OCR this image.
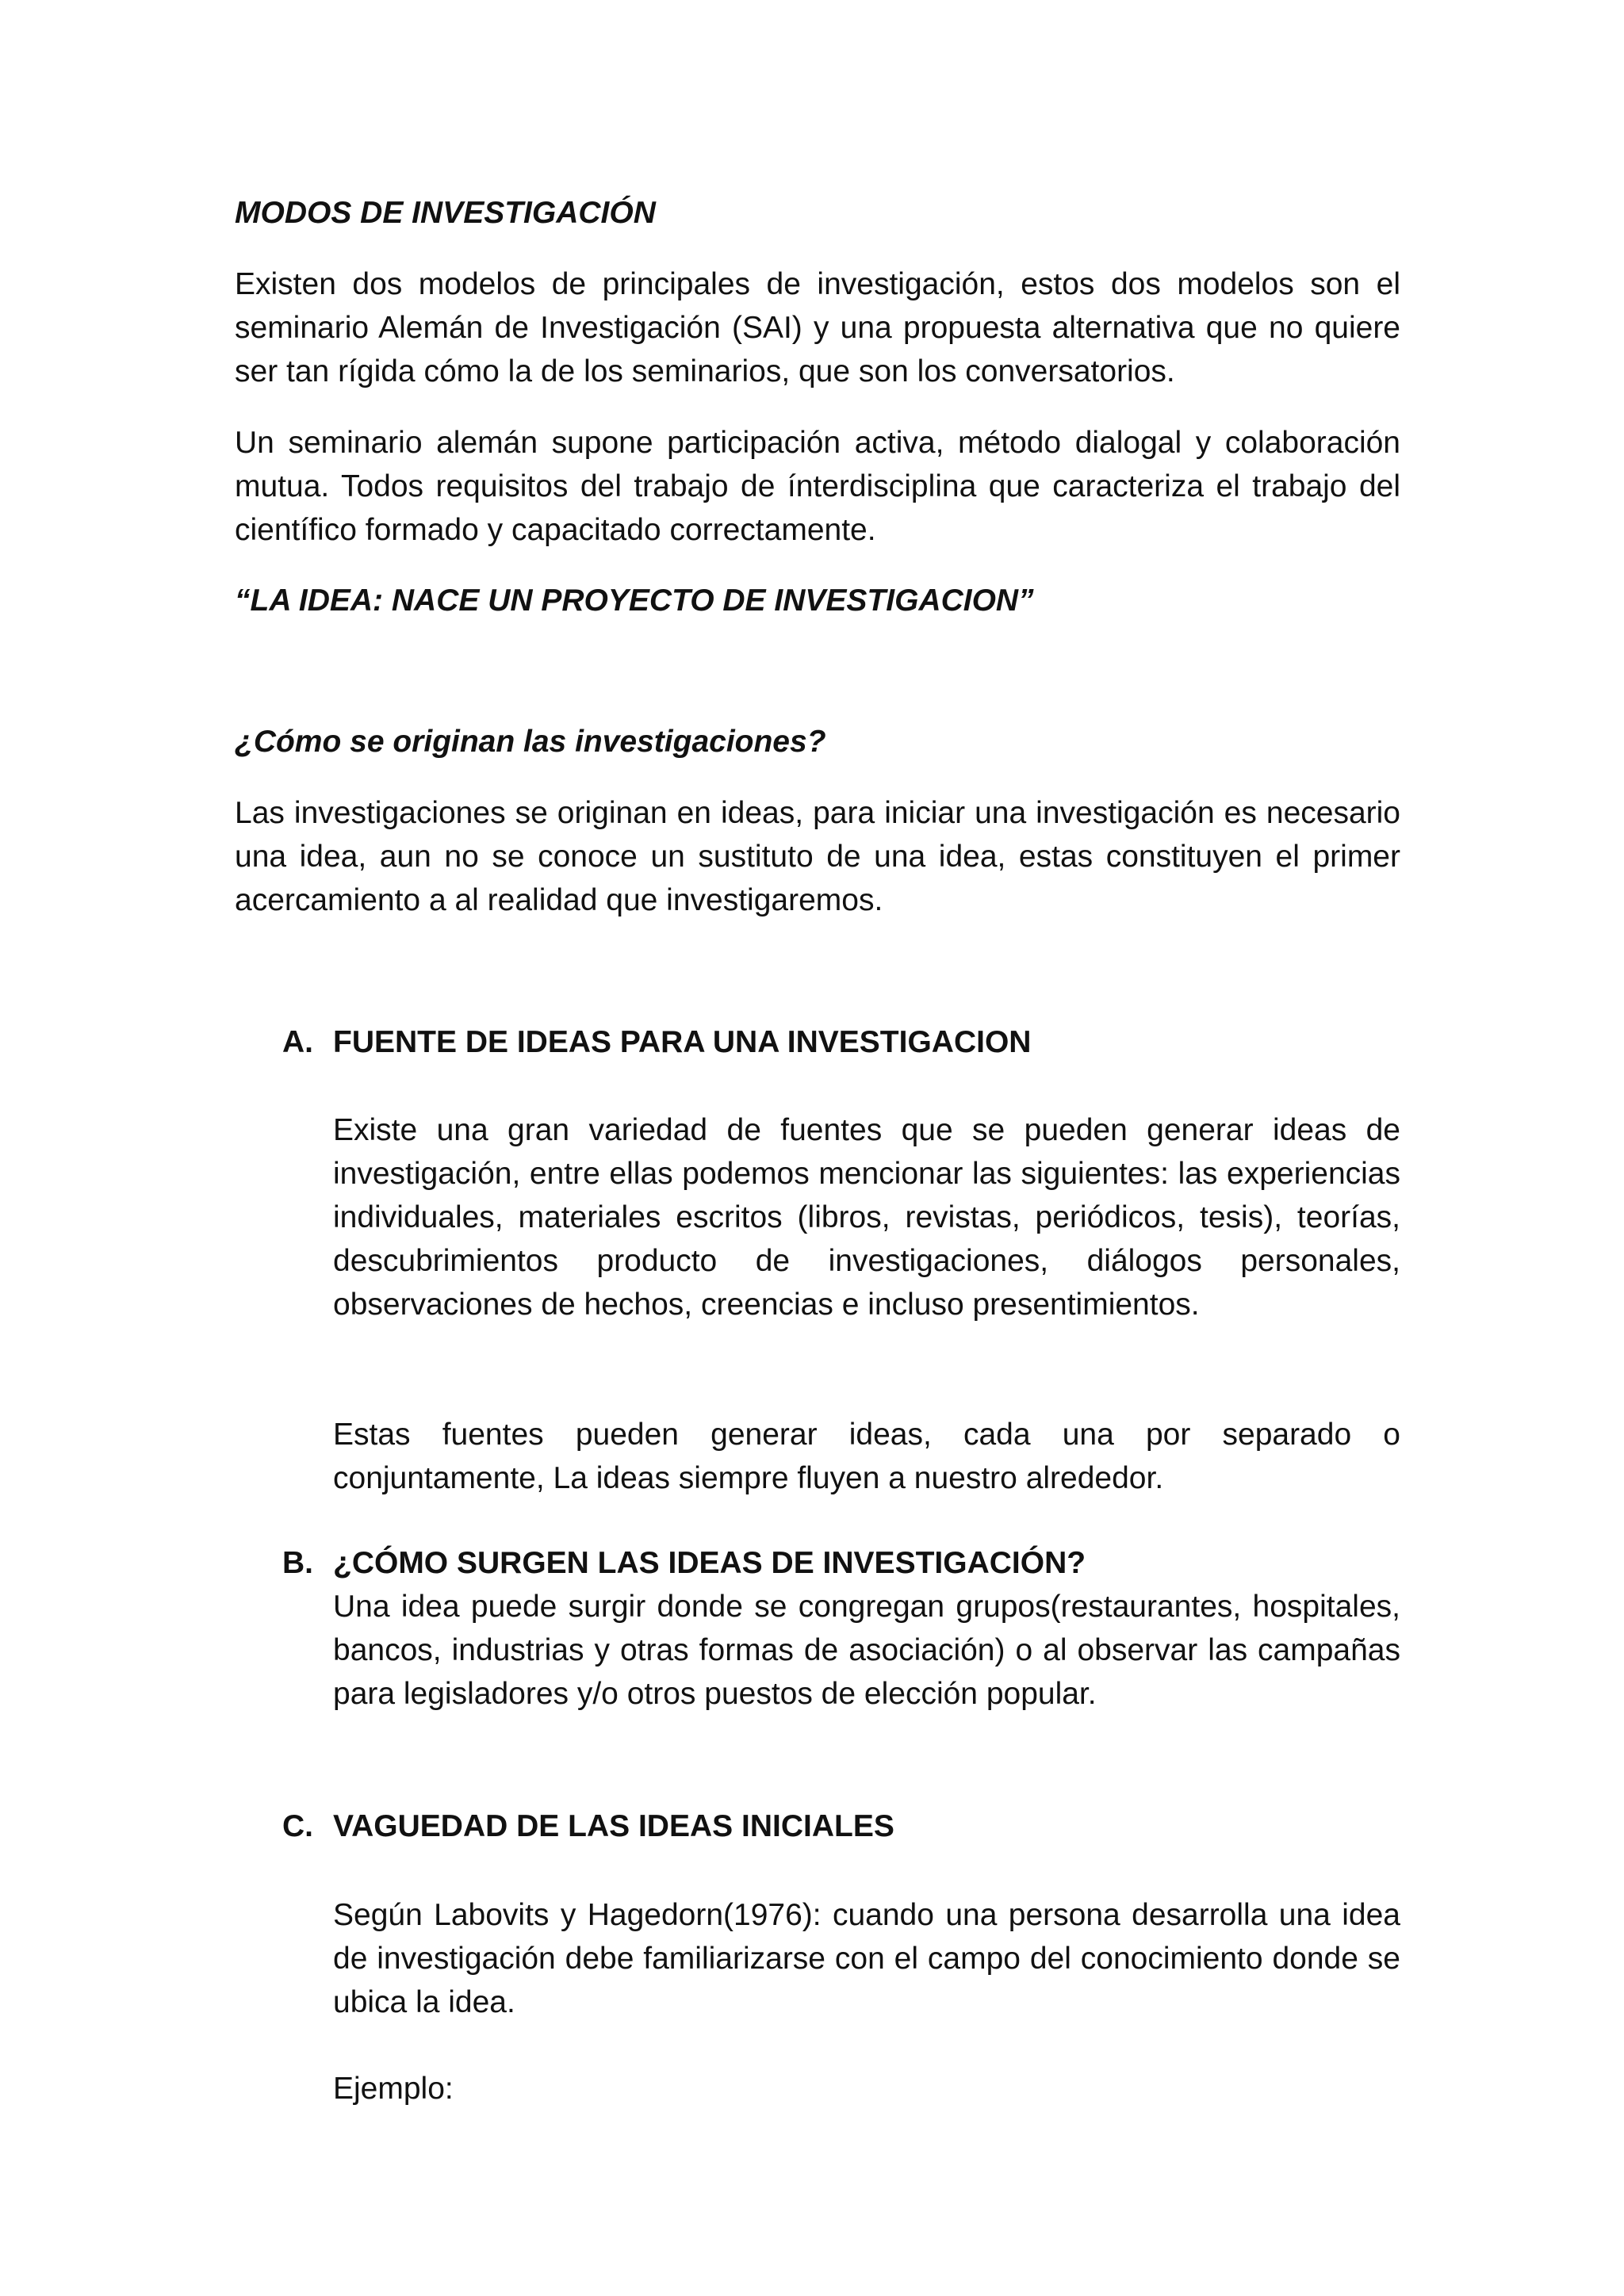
MODOS DE INVESTIGACIÓN

Existen dos modelos de principales de investigación, estos dos modelos son el seminario Alemán de Investigación (SAI) y una propuesta alternativa que no quiere ser tan rígida cómo la de los seminarios, que son los conversatorios.

Un seminario alemán supone participación activa, método dialogal y colaboración mutua. Todos requisitos del trabajo de ínterdisciplina que caracteriza el trabajo del científico formado y capacitado correctamente.

“LA IDEA: NACE UN PROYECTO DE INVESTIGACION”

¿Cómo se originan las investigaciones?

Las investigaciones se originan en ideas, para iniciar una investigación es necesario una idea, aun no se conoce un sustituto de una idea, estas constituyen el primer acercamiento a al realidad que investigaremos.

A. FUENTE DE IDEAS PARA UNA INVESTIGACION

Existe una gran variedad de fuentes que se pueden generar ideas de investigación, entre ellas podemos mencionar las siguientes: las experiencias individuales, materiales escritos (libros, revistas, periódicos, tesis), teorías, descubrimientos producto de investigaciones, diálogos personales, observaciones de hechos, creencias e incluso presentimientos.

Estas fuentes pueden generar ideas, cada una por separado o conjuntamente, La ideas siempre fluyen a nuestro alrededor.

B. ¿CÓMO SURGEN LAS IDEAS DE INVESTIGACIÓN?

Una idea puede surgir donde se congregan grupos(restaurantes, hospitales, bancos, industrias y otras formas de asociación) o al observar las campañas para legisladores y/o otros puestos de elección popular.

C. VAGUEDAD DE LAS IDEAS INICIALES

Según Labovits y Hagedorn(1976): cuando una persona desarrolla una idea de investigación debe familiarizarse con el campo del conocimiento donde se ubica la idea.

Ejemplo:
